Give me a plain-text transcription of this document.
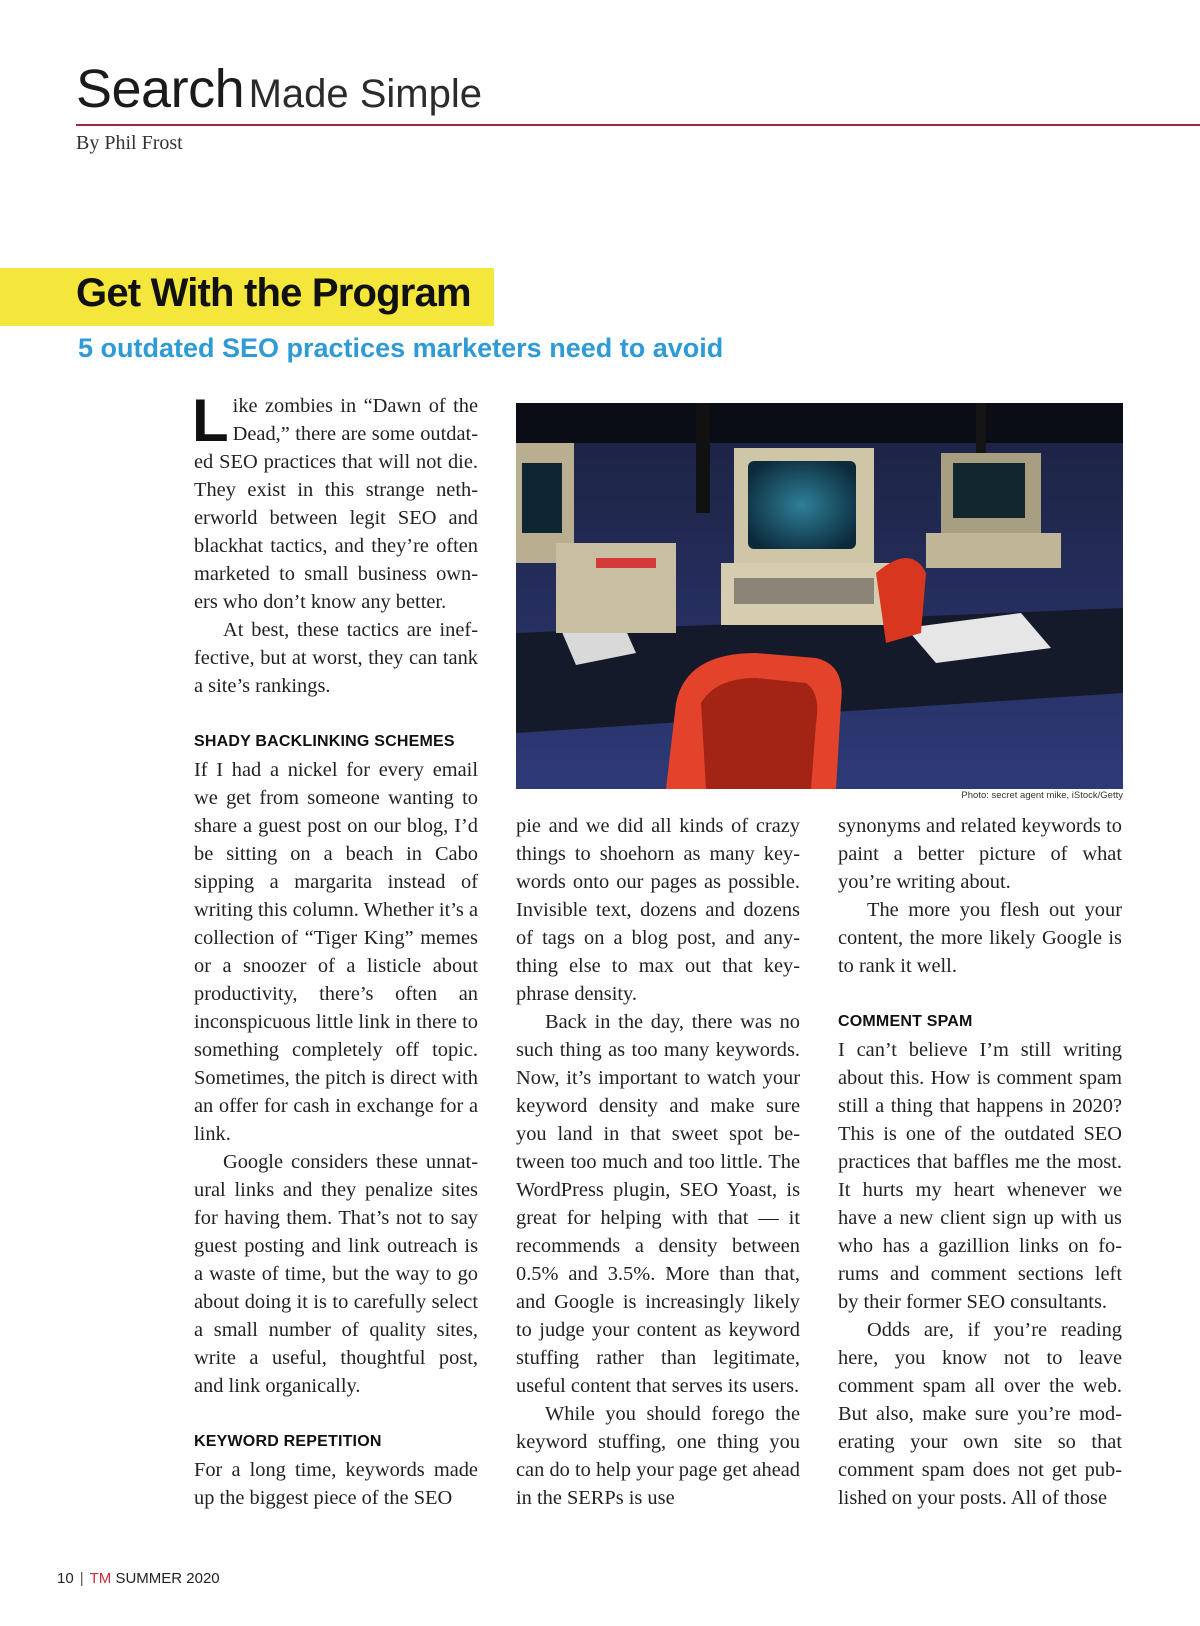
Search Made Simple
By Phil Frost
Get With the Program
5 outdated SEO practices marketers need to avoid

Like zombies in “Dawn of the Dead,” there are some outdated SEO practices that will not die. They exist in this strange netherworld between legit SEO and blackhat tactics, and they’re often marketed to small business owners who don’t know any better.

At best, these tactics are ineffective, but at worst, they can tank a site’s rankings.

SHADY BACKLINKING SCHEMES

If I had a nickel for every email we get from someone wanting to share a guest post on our blog, I’d be sitting on a beach in Cabo sipping a margarita instead of writing this column. Whether it’s a collection of “Tiger King” memes or a snoozer of a listicle about productivity, there’s often an inconspicuous little link in there to something completely off topic. Sometimes, the pitch is direct with an offer for cash in exchange for a link.

Google considers these unnatural links and they penalize sites for having them. That’s not to say guest posting and link outreach is a waste of time, but the way to go about doing it is to carefully select a small number of quality sites, write a useful, thoughtful post, and link organically.

KEYWORD REPETITION

For a long time, keywords made up the biggest piece of the SEO

Photo: secret agent mike, iStock/Getty

pie and we did all kinds of crazy things to shoehorn as many keywords onto our pages as possible. Invisible text, dozens and dozens of tags on a blog post, and anything else to max out that keyphrase density.

Back in the day, there was no such thing as too many keywords. Now, it’s important to watch your keyword density and make sure you land in that sweet spot between too much and too little. The WordPress plugin, SEO Yoast, is great for helping with that — it recommends a density between 0.5% and 3.5%. More than that, and Google is increasingly likely to judge your content as keyword stuffing rather than legitimate, useful content that serves its users.

While you should forego the keyword stuffing, one thing you can do to help your page get ahead in the SERPs is use

synonyms and related keywords to paint a better picture of what you’re writing about.

The more you flesh out your content, the more likely Google is to rank it well.

COMMENT SPAM

I can’t believe I’m still writing about this. How is comment spam still a thing that happens in 2020? This is one of the outdated SEO practices that baffles me the most. It hurts my heart whenever we have a new client sign up with us who has a gazillion links on forums and comment sections left by their former SEO consultants.

Odds are, if you’re reading here, you know not to leave comment spam all over the web. But also, make sure you’re moderating your own site so that comment spam does not get published on your posts. All of those

10 | TM SUMMER 2020
